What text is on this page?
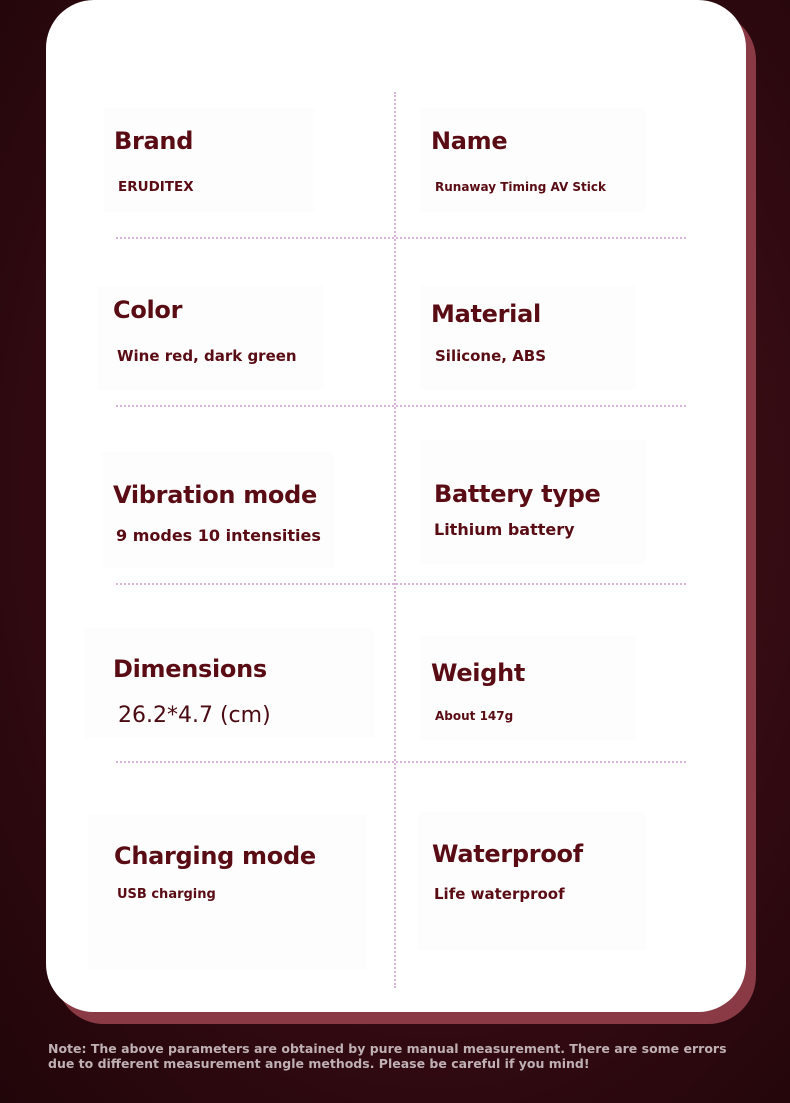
Brand
ERUDITEX
Name
Runaway Timing AV Stick
Color
Wine red, dark green
Material
Silicone, ABS
Vibration mode
9 modes 10 intensities
Battery type
Lithium battery
Dimensions
26.2*4.7 (cm)
Weight
About 147g
Charging mode
USB charging
Waterproof
Life waterproof
Note: The above parameters are obtained by pure manual measurement. There are some errors due to different measurement angle methods. Please be careful if you mind!
